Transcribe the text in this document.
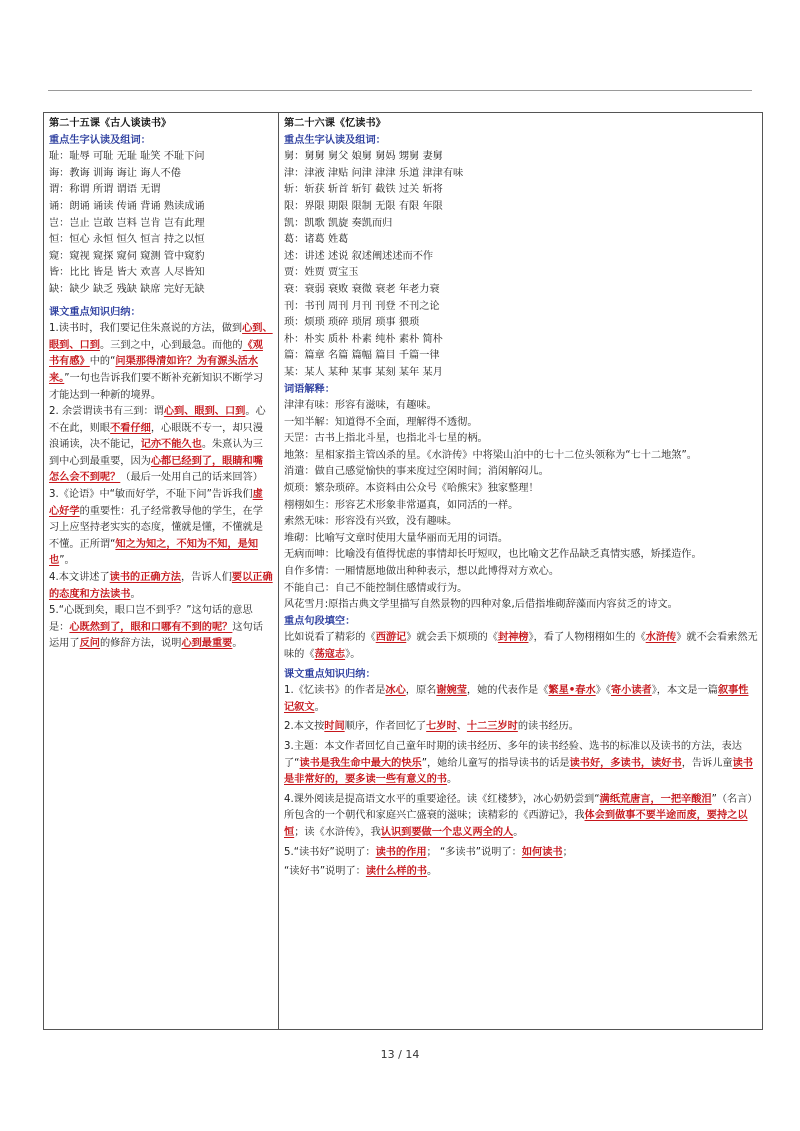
第二十五课《古人谈读书》

重点生字认读及组词：

耻：耻辱 可耻 无耻 耻笑 不耻下问

诲：教诲 训诲 诲让 诲人不倦

谓：称谓 所谓 谓语 无谓

诵：朗诵 诵读 传诵 背诵 熟读成诵

岂：岂止 岂敢 岂料 岂肯 岂有此理

恒：恒心 永恒 恒久 恒言 持之以恒

窥：窥视 窥探 窥伺 窥测 管中窥豹

皆：比比 皆是 皆大 欢喜 人尽皆知

缺：缺少 缺乏 残缺 缺席 完好无缺

课文重点知识归纳：

1.读书时，我们要记住朱熹说的方法，做到心到、眼到、口到。三到之中，心到最急。而他的《观书有感》中的“问渠那得清如许？为有源头活水来。”一句也告诉我们要不断补充新知识不断学习才能达到一种新的境界。

2. 余尝谓读书有三到：谓心到、眼到、口到。心不在此，则眼不看仔细，心眼既不专一，却只漫浪诵读，决不能记，记亦不能久也。朱熹认为三到中心到最重要，因为心都已经到了，眼睛和嘴怎么会不到呢？（最后一处用自己的话来回答）

3.《论语》中“敏而好学，不耻下问”告诉我们虚心好学的重要性：孔子经常教导他的学生，在学习上应坚持老实实的态度，懂就是懂，不懂就是不懂。正所谓“知之为知之，不知为不知，是知也”。

4.本文讲述了读书的正确方法，告诉人们要以正确的态度和方法读书。

5.“心既到矣，眼口岂不到乎？”这句话的意思是：心既然到了，眼和口哪有不到的呢？这句话运用了反问的修辞方法，说明心到最重要。

第二十六课《忆读书》

重点生字认读及组词：

舅：舅舅 舅父 娘舅 舅妈 甥舅 妻舅

津：津液 津贴 问津 津津 乐道 津津有味

斩：斩获 斩首 斩钉 截铁 过关 斩将

限：界限 期限 限制 无限 有限 年限

凯：凯歌 凯旋 奏凯而归

葛：诸葛 姓葛

述：讲述 述说 叙述阐述述而不作

贾：姓贾 贾宝玉

衰：衰弱 衰败 衰微 衰老 年老力衰

刊：书刊 周刊 月刊 刊登 不刊之论

琐：烦琐 琐碎 琐屑 琐事 猥琐

朴：朴实 质朴 朴素 纯朴 素朴 简朴

篇：篇章 名篇 篇幅 篇目 千篇一律

某：某人 某种 某事 某刻 某年 某月

词语解释：

津津有味：形容有滋味，有趣味。

一知半解：知道得不全面，理解得不透彻。

天罡：古书上指北斗星，也指北斗七星的柄。

地煞：星相家指主管凶杀的星。《水浒传》中将梁山泊中的七十二位头领称为“七十二地煞”。

消遣：做自己感觉愉快的事来度过空闲时间；消闲解闷儿。

烦琐：繁杂琐碎。本资料由公众号《哈熊宋》独家整理！

栩栩如生：形容艺术形象非常逼真，如同活的一样。

索然无味：形容没有兴致，没有趣味。

堆砌：比喻写文章时使用大量华丽而无用的词语。

无病而呻：比喻没有值得忧虑的事情却长吁短叹，也比喻文艺作品缺乏真情实感，矫揉造作。

自作多情：一厢情愿地做出种种表示，想以此博得对方欢心。

不能自己：自己不能控制住感情或行为。

风花雪月:原指古典文学里描写自然景物的四种对象,后借指堆砌辞藻而内容贫乏的诗文。

重点句段填空：

比如说看了精彩的《西游记》就会丢下烦琐的《封神榜》，看了人物栩栩如生的《水浒传》就不会看索然无味的《荡寇志》。

课文重点知识归纳：

1.《忆读书》的作者是冰心，原名谢婉莹，她的代表作是《繁星•春水》《寄小读者》，本文是一篇叙事性记叙文。

2.本文按时间顺序，作者回忆了七岁时、十二三岁时的读书经历。

3.主题：本文作者回忆自己童年时期的读书经历、多年的读书经验、选书的标准以及读书的方法，表达了“读书是我生命中最大的快乐”，她给儿童写的指导读书的话是读书好，多读书，读好书，告诉儿童读书是非常好的，要多读一些有意义的书。

4.课外阅读是提高语文水平的重要途径。读《红楼梦》，冰心奶奶尝到“满纸荒唐言，一把辛酸泪”（名言）所包含的一个朝代和家庭兴亡盛衰的滋味；读精彩的《西游记》，我体会到做事不要半途而废，要持之以恒；读《水浒传》，我认识到要做一个忠义两全的人。

5.“读书好”说明了：读书的作用； “多读书”说明了：如何读书；

“读好书”说明了：读什么样的书。

13 / 14
